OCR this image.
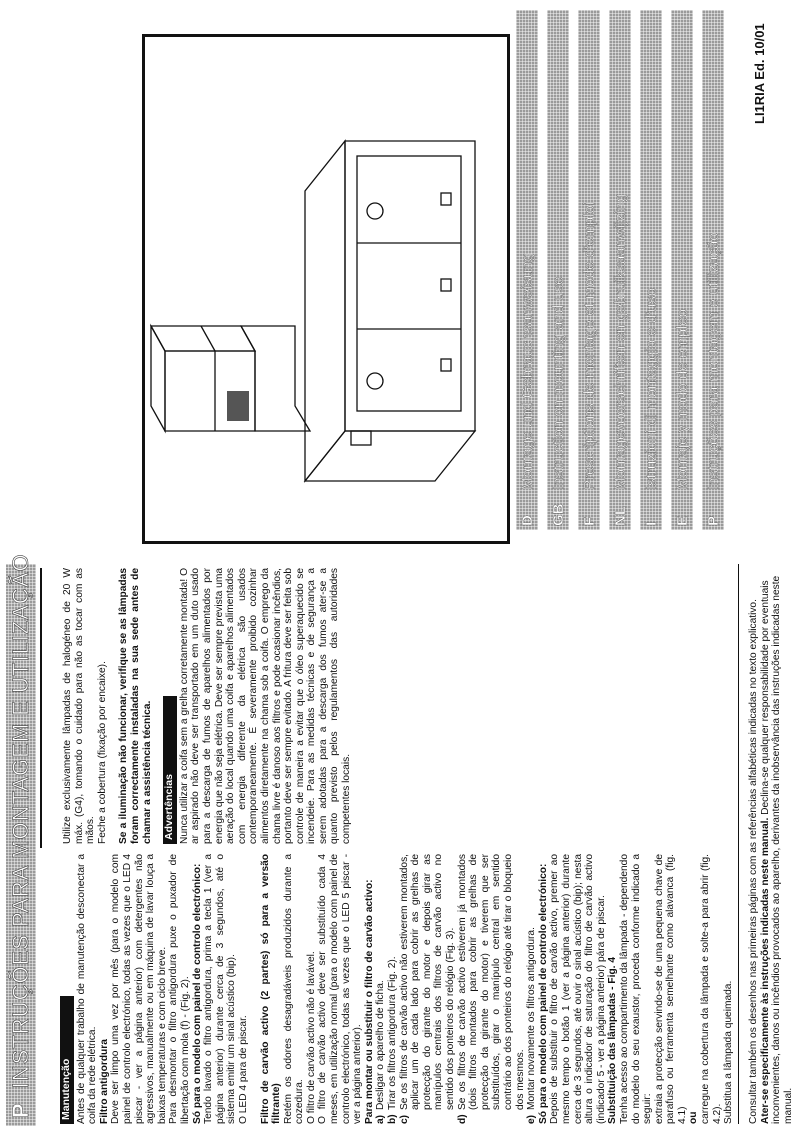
P
INSTRUÇÕES PARA MONTAGEM E UTILIZAÇÃO
Manutenção Antes de qualquer trabalho de manutenção desconectar a coifa da rede elétrica. Filtro antigordura Deve ser limpo uma vez por mês (para o modelo com painel de controlo electrónico, todas as vezes que o LED 4 piscar - ver a página anterior) com detergentes não agressivos, manualmente ou em máquina de lavar louça a baixas temperaturas e com ciclo breve. Para desmontar o filtro antigordura puxe o puxador de libertação com mola (f) - (Fig. 2). Só para o modelo com painel de controlo electrónico: Tendo lavado o filtro antigordura, prima a tecla 1 (ver a página anterior) durante cerca de 3 segundos, até o sistema emitir um sinal acústico (bip). O LED 4 para de piscar. Filtro de carvão activo (2 partes) só para a versão filtrante) Retém os odores desagradáveis produzidos durante a cozedura. O filtro de carvão activo não é lavável. O filtro de carvão activo deve ser substituído cada 4 meses, em utilização normal (para o modelo com painel de controlo electrónico, todas as vezes que o LED 5 piscar - ver a página anterior). Para montar ou substituir o filtro de carvão activo: a)
Desligar o aparelho de ficha.
b)
Tirar os filtros antigordura (Fig. 2).
c)
Se os filtros de carvão activo não estiverem montados, aplicar um de cada lado para cobrir as grelhas de protecção do girante do motor e depois girar as manípulos centrais dos filtros de carvão activo no sentido dos ponteiros do relógio (Fig. 3).
d)
Se os filtros de carvão activo estiverem já montados (dois filtros montados para cobrir as grelhas de protecção da girante do motor) e tiverem que ser substituídos, girar o manípulo central em sentido contrário ao dos ponteiros do relógio até tirar o bloqueio dos mesmos.
e)
Montar novamente os filtros antigordura. Só para o modelo com painel de controlo electrónico: Depois de substituir o filtro de carvão activo, premer ao mesmo tempo o botão 1 (ver a página anterior) durante cerca de 3 segundos, até ouvir o sinal acústico (bip); nesta altura o indicador de saturação do filtro de carvão activo (indicador 5 - ver a página anterior) pára de piscar. Substituição das lâmpadas - Fig. 4 Tenha acesso ao compartimento da lâmpada - dependendo do modelo do seu exaustor, proceda conforme indicado a seguir: extraia a protecção servindo-se de uma pequena chave de parafuso ou ferramenta semelhante como alavanca (fig. 4.1) ou carregue na cobertura da lâmpada e solte-a para abrir (fig. 4.2). Substitua a lâmpada queimada.

Utilize exclusivamente lâmpadas de halogéneo de 20 W máx. (G4), tomando o cuidado para não as tocar com as mãos. Feche a cobertura (fixação por encaixe). Se a iluminação não funcionar, verifique se as lâmpadas foram correctamente instaladas na sua sede antes de chamar a assistência técnica. Advertências Nunca utilizar a coifa sem a grelha corretamente montada! O ar aspirado não deve ser transportado em um duto usado para a descarga de fumos de aparelhos alimentados por energia que não seja elétrica. Deve ser sempre prevista uma aeração do local quando uma coifa e aparelhos alimentados com energia diferente da elétrica são usados contemporaneamente. É severamente proibido cozinhar alimentos diretamente na chama sob a coifa. O emprego da chama livre é danoso aos filtros e pode ocasionar incêndios, portanto deve ser sempre evitado. A fritura deve ser feita sob controle de maneira a evitar que o óleo superaquecido se incendeie. Para as medidas técnicas e de segurança a serem adotadas para a descarga dos fumos ater-se a quanto previsto pelos regulamentos das autoridades competentes locais.	Consultar também os desenhos nas primeiras páginas com as referências alfabéticas indicadas no texto explicativo. Ater-se especificamente às instruções indicadas neste manual. Declina-se qualquer responsabilidade por eventuais inconvenientes, danos ou incêndios provocados ao aparelho, derivantes da inobservância das instruções indicadas neste manual.

D
Montage und Gebrauchsanweisung
GB
Instruction on mounting and use
F
Prescriptions de montage et mode d'emploi
NL
Montagevoorschriften en gebruiksaanwijzing
I
Istruzioni di montaggio e d'uso
E
Montaje y modo de empleo
P
Instruções para montagem e utilização
LI1RIA Ed. 10/01
